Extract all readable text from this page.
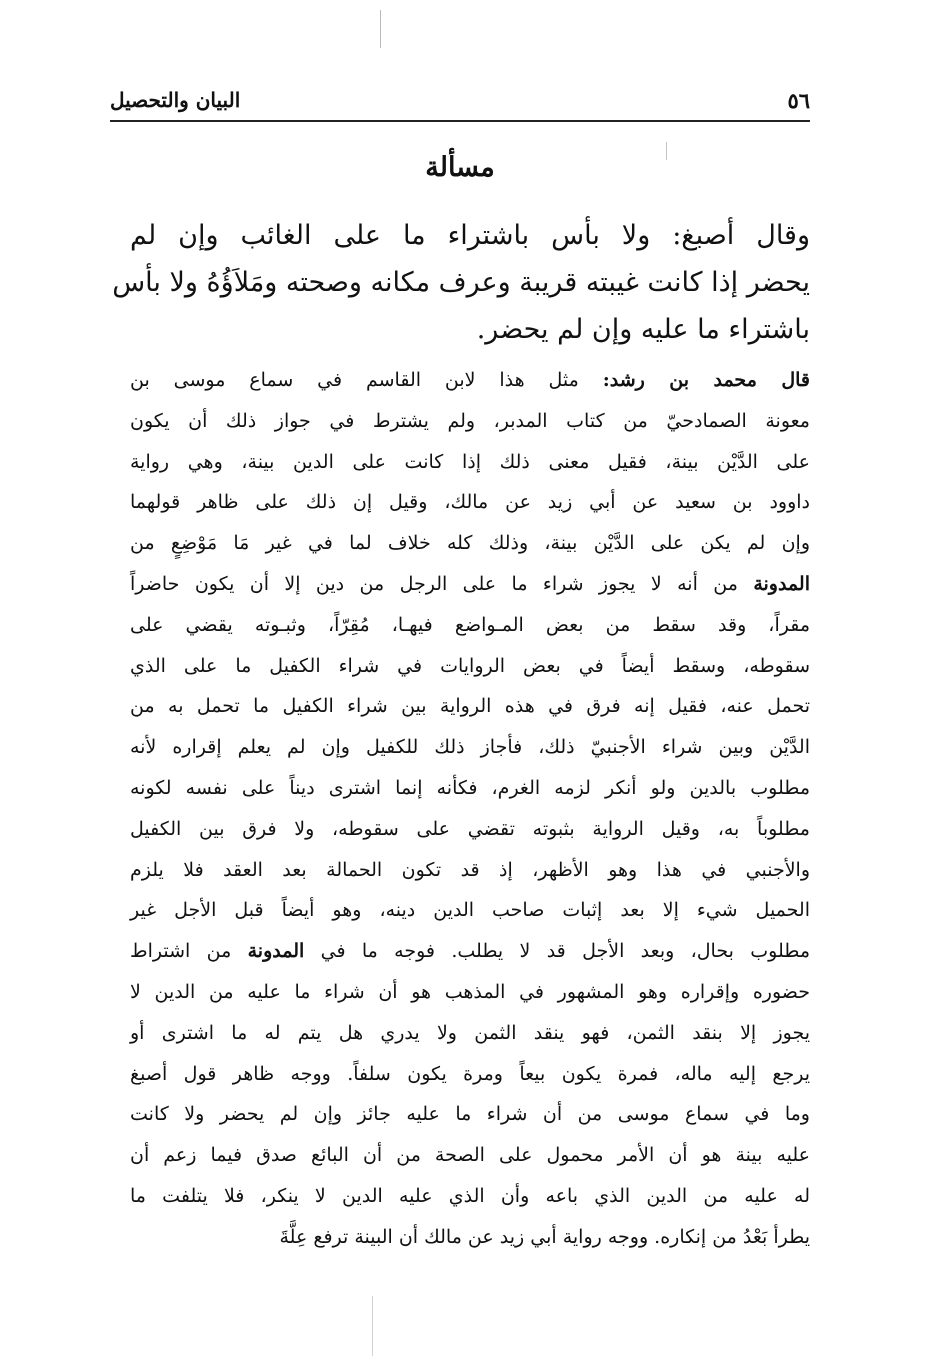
٥٦
البيان والتحصيل
مسألة
وقال أصبغ: ولا بأس باشتراء ما على الغائب وإن لم
يحضر إذا كانت غيبته قريبة وعرف مكانه وصحته ومَلاَؤُهُ ولا بأس
باشتراء ما عليه وإن لم يحضر.
قال محمد بن رشد: مثل هذا لابن القاسم في سماع موسى بن
معونة الصمادحيّ من كتاب المدبر، ولم يشترط في جواز ذلك أن يكون
على الدَّيْن بينة، فقيل معنى ذلك إذا كانت على الدين بينة، وهي رواية
داوود بن سعيد عن أبي زيد عن مالك، وقيل إن ذلك على ظاهر قولهما
وإن لم يكن على الدَّيْن بينة، وذلك كله خلاف لما في غير مَا مَوْضِعٍ من
المدونة من أنه لا يجوز شراء ما على الرجل من دين إلا أن يكون حاضراً
مقراً، وقد سقط من بعض المـواضع فيهـا، مُقِرّاً، وثبـوته يقضي على
سقوطه، وسقط أيضاً في بعض الروايات في شراء الكفيل ما على الذي
تحمل عنه، فقيل إنه فرق في هذه الرواية بين شراء الكفيل ما تحمل به من
الدَّيْن وبين شراء الأجنبيّ ذلك، فأجاز ذلك للكفيل وإن لم يعلم إقراره لأنه
مطلوب بالدين ولو أنكر لزمه الغرم، فكأنه إنما اشترى ديناً على نفسه لكونه
مطلوباً به، وقيل الرواية بثبوته تقضي على سقوطه، ولا فرق بين الكفيل
والأجنبي في هذا وهو الأظهر، إذ قد تكون الحمالة بعد العقد فلا يلزم
الحميل شيء إلا بعد إثبات صاحب الدين دينه، وهو أيضاً قبل الأجل غير
مطلوب بحال، وبعد الأجل قد لا يطلب. فوجه ما في المدونة من اشتراط
حضوره وإقراره وهو المشهور في المذهب هو أن شراء ما عليه من الدين لا
يجوز إلا بنقد الثمن، فهو ينقد الثمن ولا يدري هل يتم له ما اشترى أو
يرجع إليه ماله، فمرة يكون بيعاً ومرة يكون سلفاً. ووجه ظاهر قول أصبغ
وما في سماع موسى من أن شراء ما عليه جائز وإن لم يحضر ولا كانت
عليه بينة هو أن الأمر محمول على الصحة من أن البائع صدق فيما زعم أن
له عليه من الدين الذي باعه وأن الذي عليه الدين لا ينكر، فلا يتلفت ما
يطرأ بَعْدُ من إنكاره. ووجه رواية أبي زيد عن مالك أن البينة ترفع عِلَّةَ
